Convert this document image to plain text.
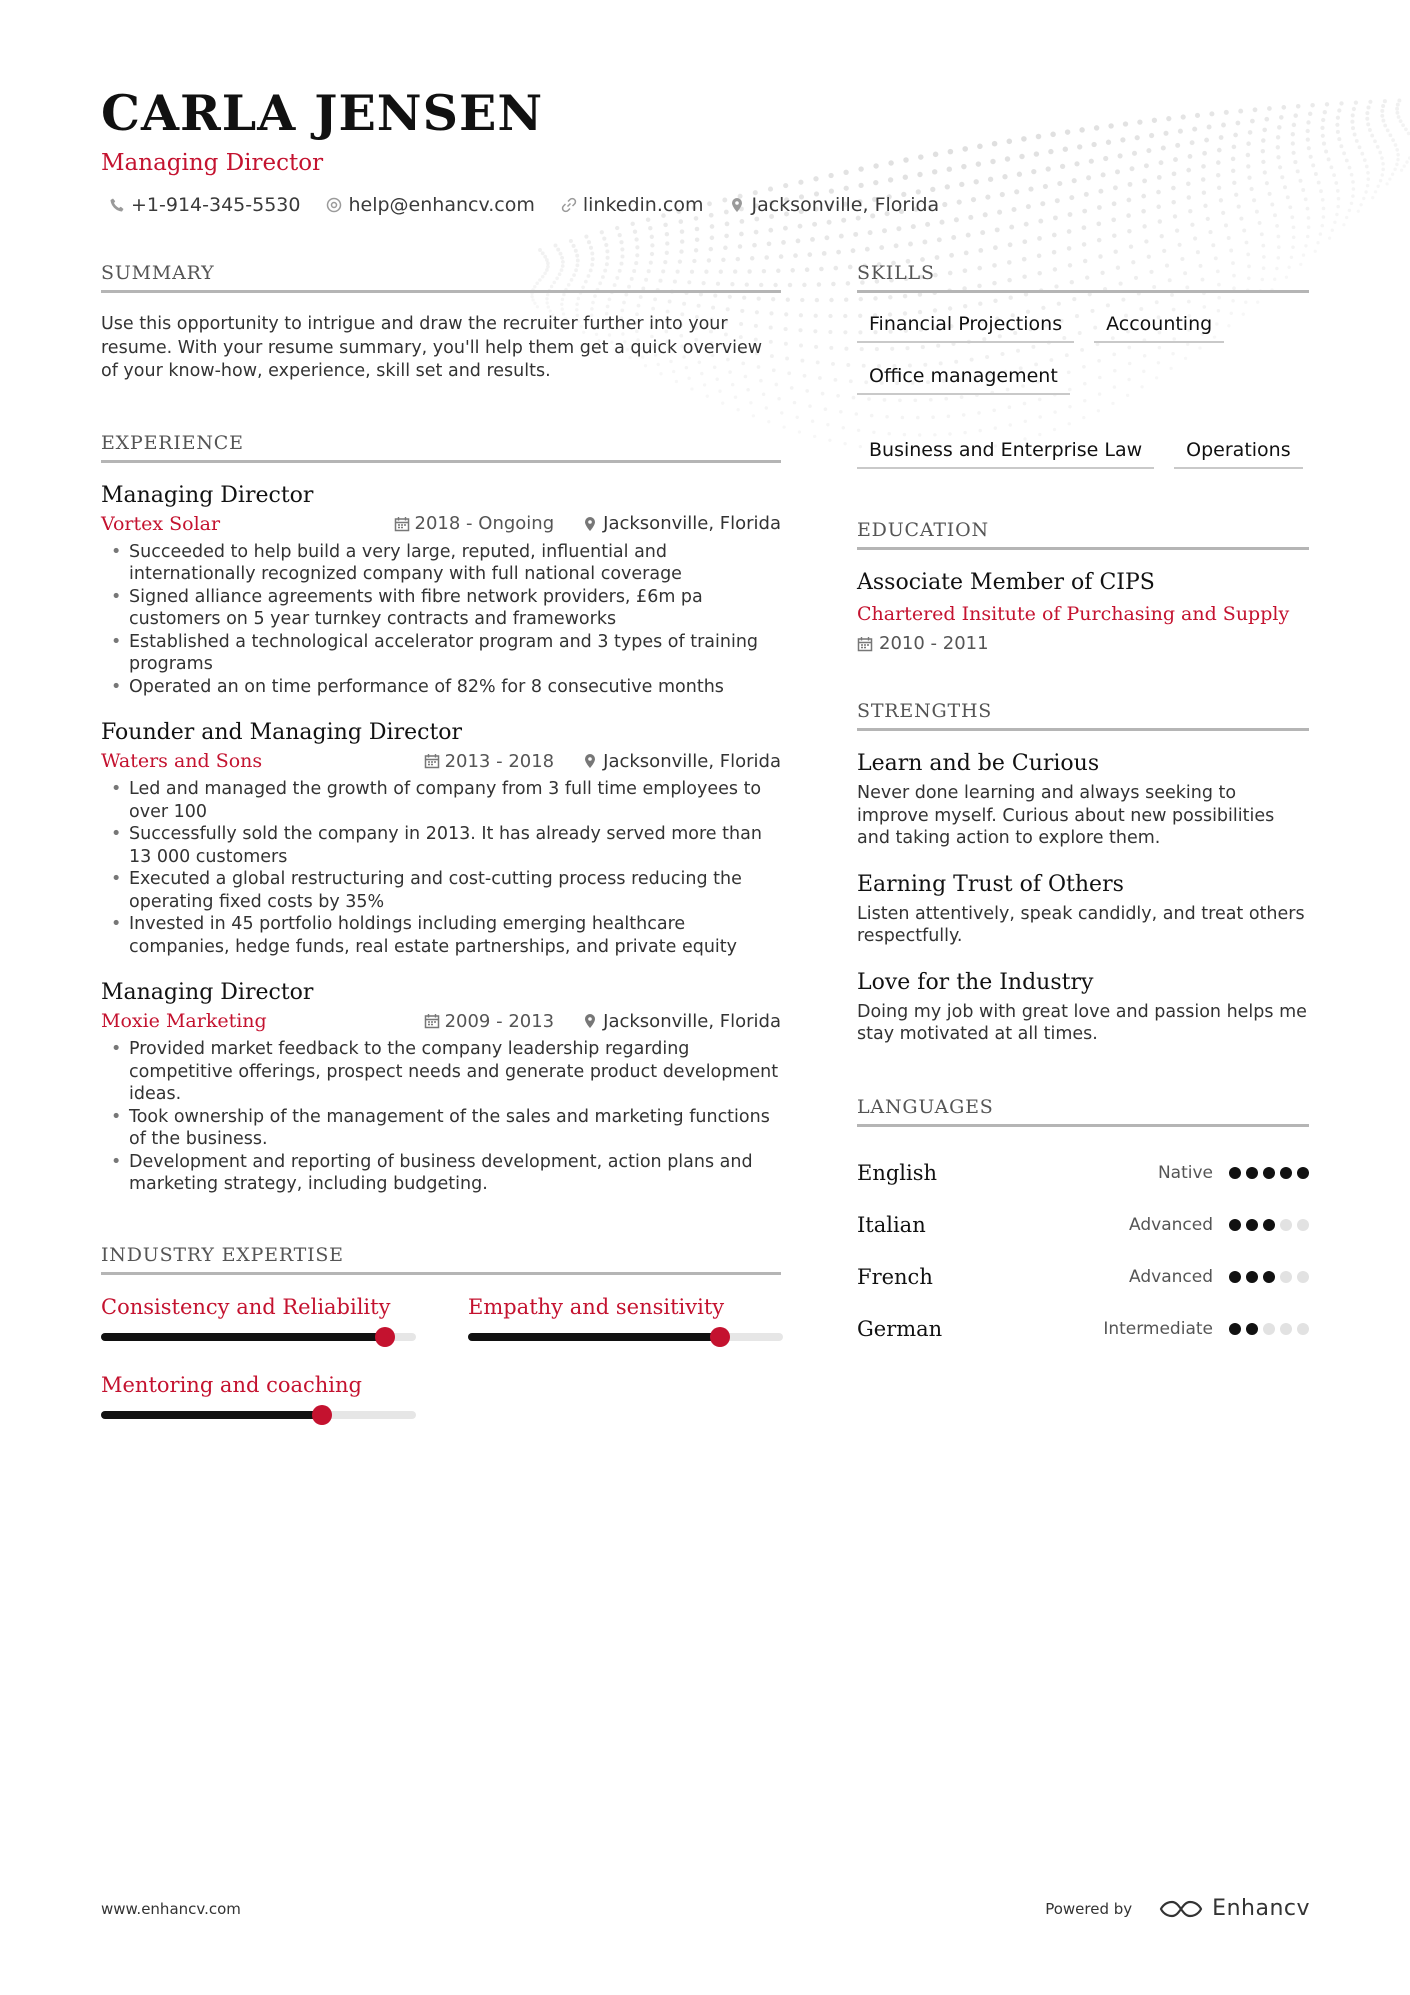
CARLA JENSEN
Managing Director
+1-914-345-5530	help@enhancv.com	linkedin.com	Jacksonville, Florida
SUMMARY

Use this opportunity to intrigue and draw the recruiter further into your resume. With your resume summary, you'll help them get a quick overview of your know-how, experience, skill set and results.

EXPERIENCE
Managing Director
Vortex Solar	2018 - Ongoing	Jacksonville, Florida
• Succeeded to help build a very large, reputed, influential and internationally recognized company with full national coverage
• Signed alliance agreements with fibre network providers, £6m pa customers on 5 year turnkey contracts and frameworks
• Established a technological accelerator program and 3 types of training programs
• Operated an on time performance of 82% for 8 consecutive months
Founder and Managing Director
Waters and Sons	2013 - 2018	Jacksonville, Florida
• Led and managed the growth of company from 3 full time employees to over 100
• Successfully sold the company in 2013. It has already served more than 13 000 customers
• Executed a global restructuring and cost-cutting process reducing the operating fixed costs by 35%
• Invested in 45 portfolio holdings including emerging healthcare companies, hedge funds, real estate partnerships, and private equity
Managing Director
Moxie Marketing	2009 - 2013	Jacksonville, Florida
• Provided market feedback to the company leadership regarding competitive offerings, prospect needs and generate product development ideas.
• Took ownership of the management of the sales and marketing functions of the business.
• Development and reporting of business development, action plans and marketing strategy, including budgeting.
INDUSTRY EXPERTISE
Consistency and Reliability	Empathy and sensitivity
Mentoring and coaching
SKILLS
Financial Projections	Accounting
Office management
Business and Enterprise Law	Operations
EDUCATION
Associate Member of CIPS
Chartered Insitute of Purchasing and Supply
2010 - 2011
STRENGTHS
Learn and be Curious
Never done learning and always seeking to improve myself. Curious about new possibilities and taking action to explore them.
Earning Trust of Others
Listen attentively, speak candidly, and treat others respectfully.
Love for the Industry
Doing my job with great love and passion helps me stay motivated at all times.
LANGUAGES
English	Native
Italian	Advanced
French	Advanced
German	Intermediate
www.enhancv.com	Powered by	Enhancv
